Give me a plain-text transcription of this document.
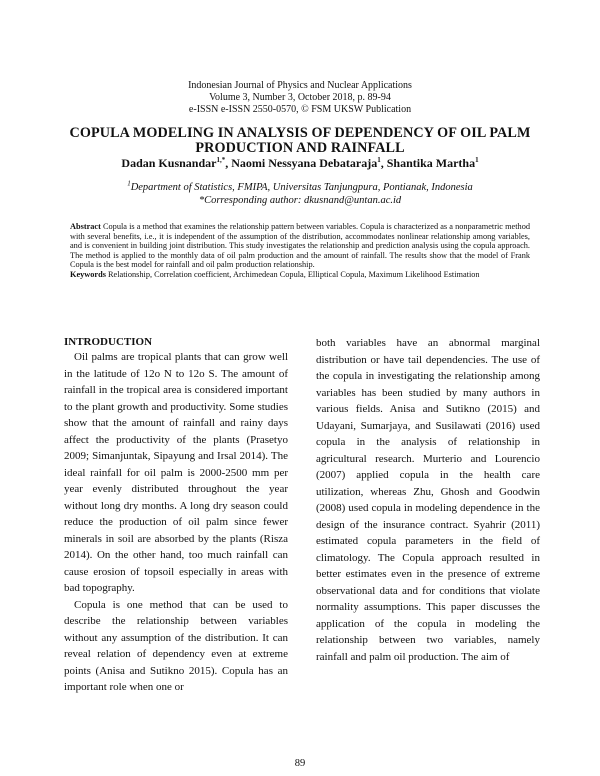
Indonesian Journal of Physics and Nuclear Applications
Volume 3, Number 3, October 2018, p. 89-94
e-ISSN e-ISSN 2550-0570, © FSM UKSW Publication
COPULA MODELING IN ANALYSIS OF DEPENDENCY OF OIL PALM
PRODUCTION AND RAINFALL
Dadan Kusnandar$^{1,*}$, Naomi Nessyana Debataraja$^1$, Shantika Martha$^1$
$^1$Department of Statistics, FMIPA, Universitas Tanjungpura, Pontianak, Indonesia
*Corresponding author: dkusnand@untan.ac.id
Abstract Copula is a method that examines the relationship pattern between variables. Copula is characterized as a nonparametric method with several benefits, i.e., it is independent of the assumption of the distribution, accommodates nonlinear relationship among variables, and is convenient in building joint distribution. This study investigates the relationship and prediction analysis using the copula approach. The method is applied to the monthly data of oil palm production and the amount of rainfall. The results show that the model of Frank Copula is the best model for rainfall and oil palm production relationship.
Keywords Relationship, Correlation coefficient, Archimedean Copula, Elliptical Copula, Maximum Likelihood Estimation
INTRODUCTION

Oil palms are tropical plants that can grow well in the latitude of 12o N to 12o S. The amount of rainfall in the tropical area is considered important to the plant growth and productivity. Some studies show that the amount of rainfall and rainy days affect the productivity of the plants (Prasetyo 2009; Simanjuntak, Sipayung and Irsal 2014). The ideal rainfall for oil palm is 2000-2500 mm per year evenly distributed throughout the year without long dry months. A long dry season could reduce the production of oil palm since fewer minerals in soil are absorbed by the plants (Risza 2014). On the other hand, too much rainfall can cause erosion of topsoil especially in areas with bad topography.

Copula is one method that can be used to describe the relationship between variables without any assumption of the distribution. It can reveal relation of dependency even at extreme points (Anisa and Sutikno 2015). Copula has an important role when one or

both variables have an abnormal marginal distribution or have tail dependencies. The use of the copula in investigating the relationship among variables has been studied by many authors in various fields. Anisa and Sutikno (2015) and Udayani, Sumarjaya, and Susilawati (2016) used copula in the analysis of relationship in agricultural research. Murterio and Lourencio (2007) applied copula in the health care utilization, whereas Zhu, Ghosh and Goodwin (2008) used copula in modeling dependence in the design of the insurance contract. Syahrir (2011) estimated copula parameters in the field of climatology. The Copula approach resulted in better estimates even in the presence of extreme observational data and for conditions that violate normality assumptions. This paper discusses the application of the copula in modeling the relationship between two variables, namely rainfall and palm oil production. The aim of

89
